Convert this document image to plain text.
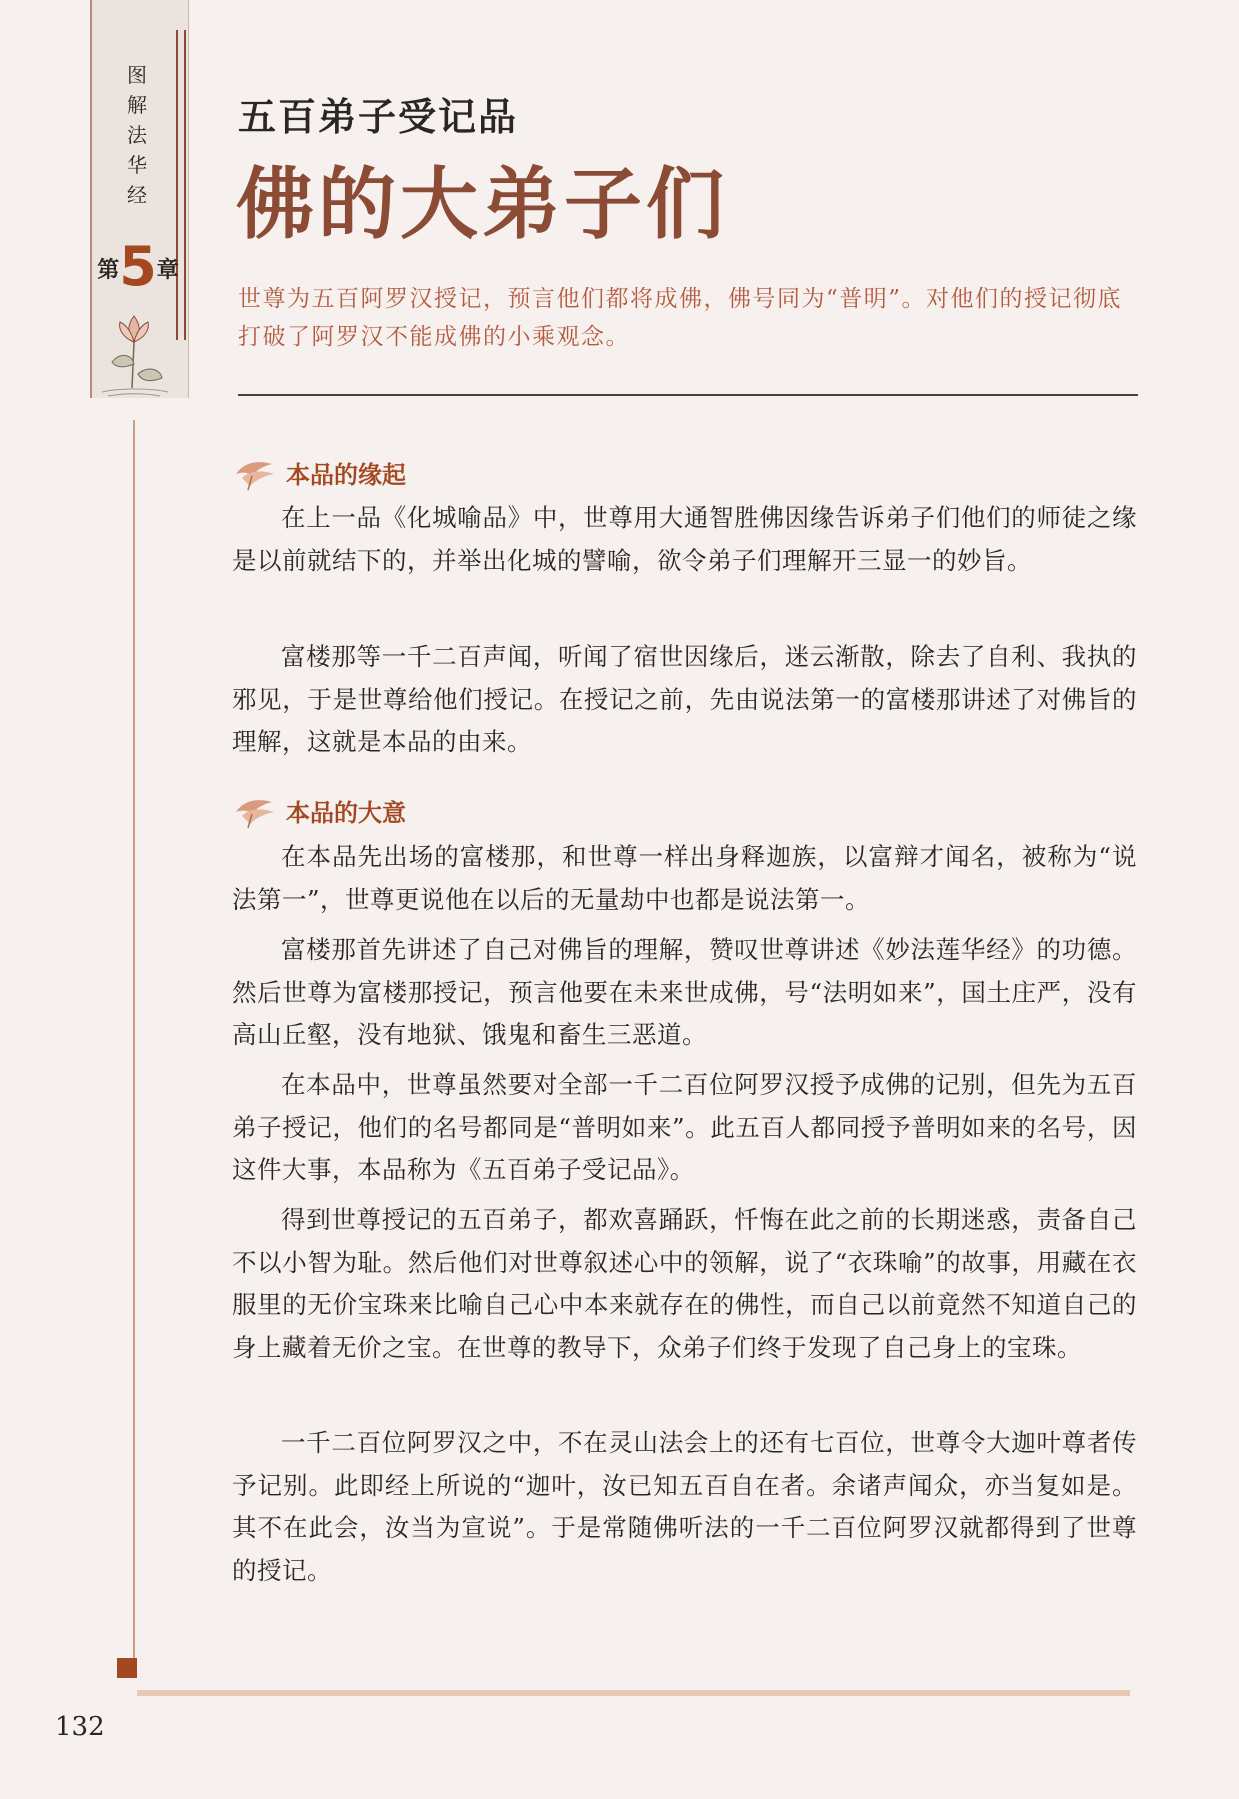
图
解
法
华
经
第 5 章
五百弟子受记品
佛的大弟子们
世尊为五百阿罗汉授记，预言他们都将成佛，佛号同为“普明”。对他们的授记彻底打破了阿罗汉不能成佛的小乘观念。
132
本品的缘起

在上一品《化城喻品》中，世尊用大通智胜佛因缘告诉弟子们他们的师徒之缘是以前就结下的，并举出化城的譬喻，欲令弟子们理解开三显一的妙旨。

富楼那等一千二百声闻，听闻了宿世因缘后，迷云渐散，除去了自利、我执的邪见，于是世尊给他们授记。在授记之前，先由说法第一的富楼那讲述了对佛旨的理解，这就是本品的由来。

本品的大意

在本品先出场的富楼那，和世尊一样出身释迦族，以富辩才闻名，被称为“说法第一”，世尊更说他在以后的无量劫中也都是说法第一。

富楼那首先讲述了自己对佛旨的理解，赞叹世尊讲述《妙法莲华经》的功德。然后世尊为富楼那授记，预言他要在未来世成佛，号“法明如来”，国土庄严，没有高山丘壑，没有地狱、饿鬼和畜生三恶道。

在本品中，世尊虽然要对全部一千二百位阿罗汉授予成佛的记别，但先为五百弟子授记，他们的名号都同是“普明如来”。此五百人都同授予普明如来的名号，因这件大事，本品称为《五百弟子受记品》。

得到世尊授记的五百弟子，都欢喜踊跃，忏悔在此之前的长期迷惑，责备自己不以小智为耻。然后他们对世尊叙述心中的领解，说了“衣珠喻”的故事，用藏在衣服里的无价宝珠来比喻自己心中本来就存在的佛性，而自己以前竟然不知道自己的身上藏着无价之宝。在世尊的教导下，众弟子们终于发现了自己身上的宝珠。

一千二百位阿罗汉之中，不在灵山法会上的还有七百位，世尊令大迦叶尊者传予记别。此即经上所说的“迦叶，汝已知五百自在者。余诸声闻众，亦当复如是。其不在此会，汝当为宣说”。于是常随佛听法的一千二百位阿罗汉就都得到了世尊的授记。
